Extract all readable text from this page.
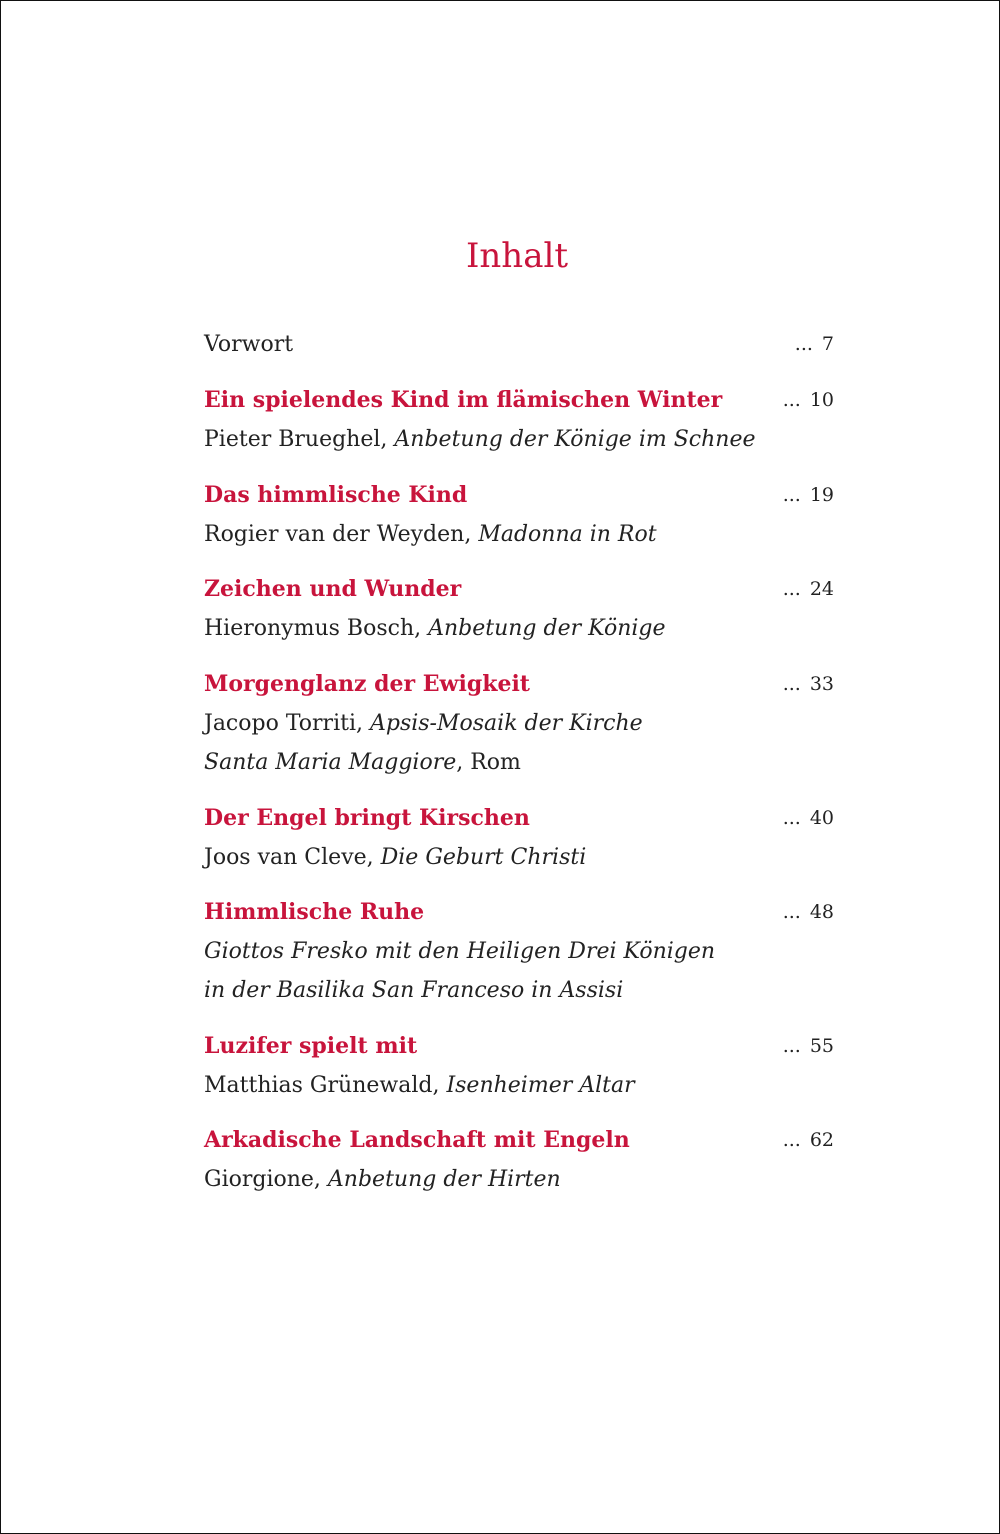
Inhalt
Vorwort	... 7
Ein spielendes Kind im flämischen Winter	... 10
Pieter Brueghel, Anbetung der Könige im Schnee
Das himmlische Kind	... 19
Rogier van der Weyden, Madonna in Rot
Zeichen und Wunder	... 24
Hieronymus Bosch, Anbetung der Könige
Morgenglanz der Ewigkeit	... 33
Jacopo Torriti, Apsis-Mosaik der Kirche
Santa Maria Maggiore, Rom
Der Engel bringt Kirschen	... 40
Joos van Cleve, Die Geburt Christi
Himmlische Ruhe	... 48
Giottos Fresko mit den Heiligen Drei Königen
in der Basilika San Franceso in Assisi
Luzifer spielt mit	... 55
Matthias Grünewald, Isenheimer Altar
Arkadische Landschaft mit Engeln	... 62
Giorgione, Anbetung der Hirten
